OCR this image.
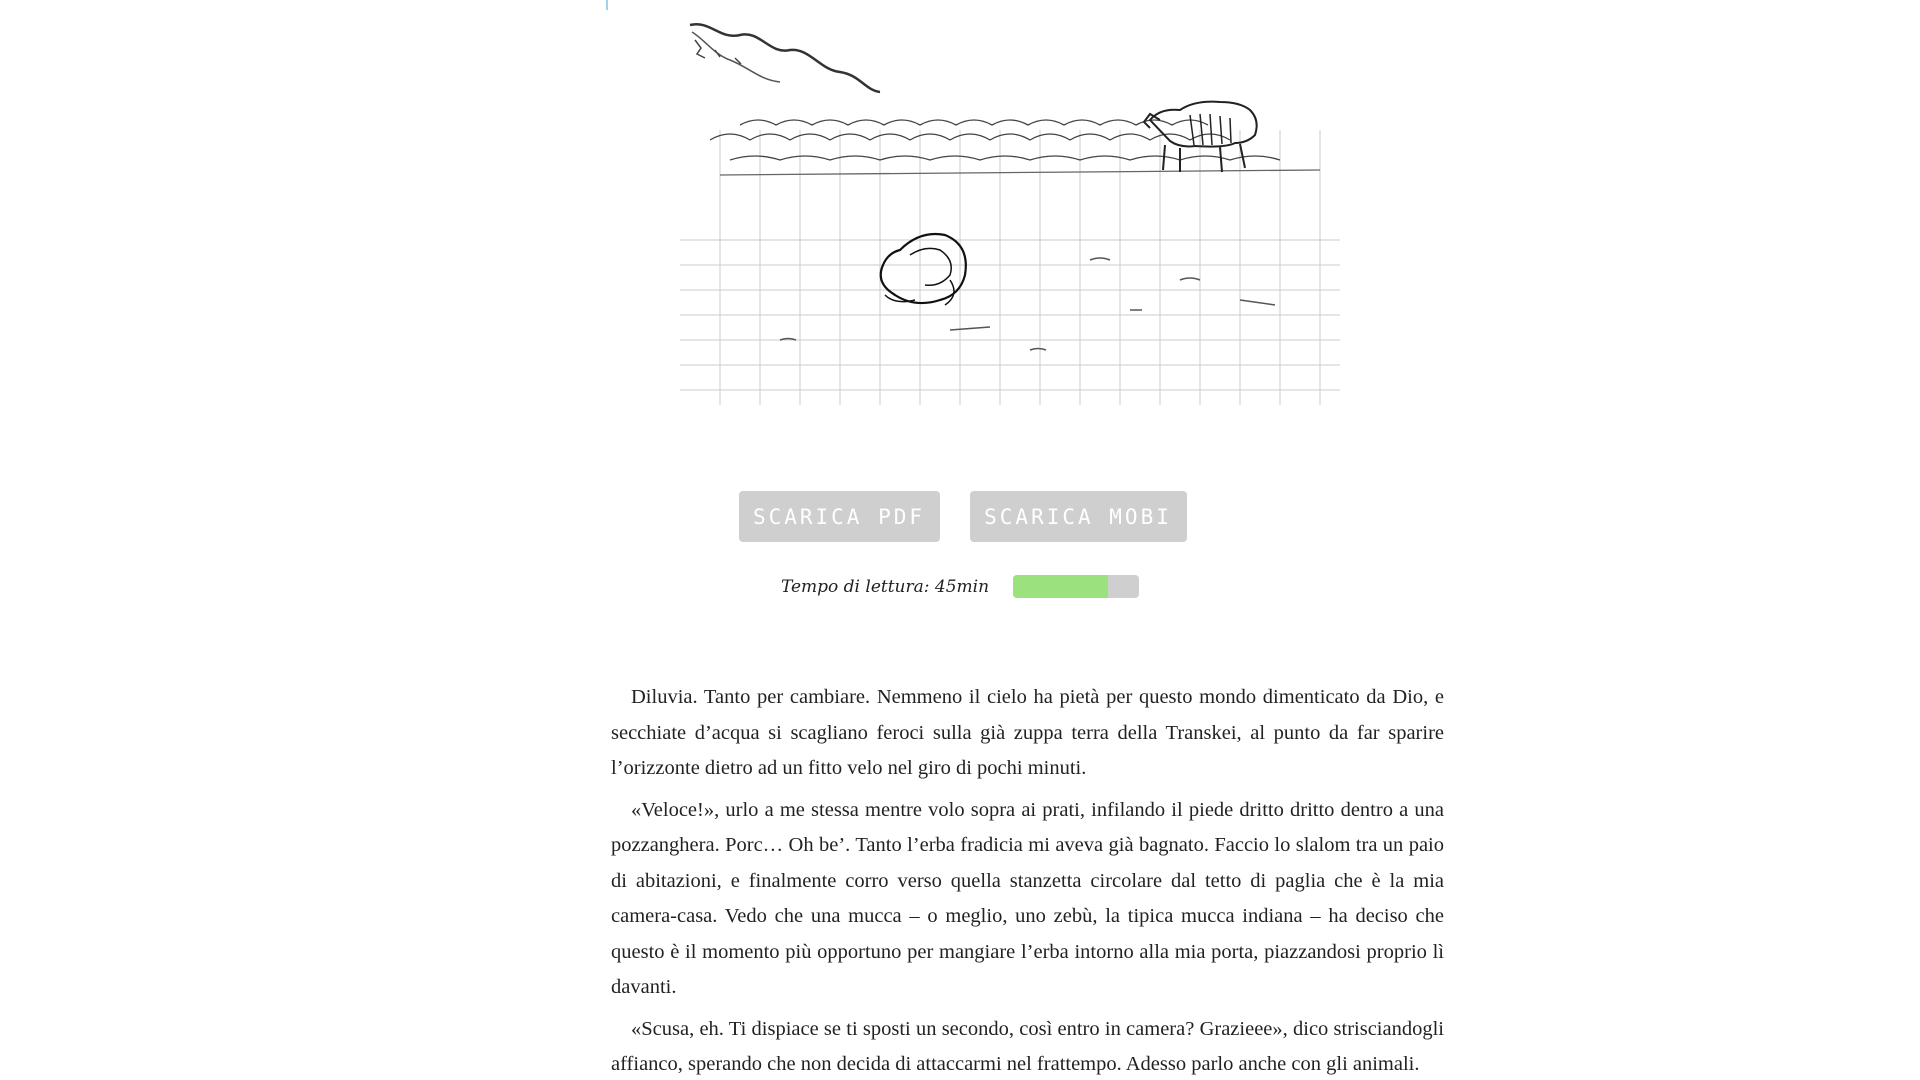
SCARICA PDF	SCARICA MOBI
Tempo di lettura: 45min

Diluvia. Tanto per cambiare. Nemmeno il cielo ha pietà per questo mondo dimenticato da Dio, e secchiate d’acqua si scagliano feroci sulla già zuppa terra della Transkei, al punto da far sparire l’orizzonte dietro ad un fitto velo nel giro di pochi minuti.

«Veloce!», urlo a me stessa mentre volo sopra ai prati, infilando il piede dritto dritto dentro a una pozzanghera. Porc… Oh be’. Tanto l’erba fradicia mi aveva già bagnato. Faccio lo slalom tra un paio di abitazioni, e finalmente corro verso quella stanzetta circolare dal tetto di paglia che è la mia camera-casa. Vedo che una mucca – o meglio, uno zebù, la tipica mucca indiana – ha deciso che questo è il momento più opportuno per mangiare l’erba intorno alla mia porta, piazzandosi proprio lì davanti.

«Scusa, eh. Ti dispiace se ti sposti un secondo, così entro in camera? Grazieee», dico strisciandogli affianco, sperando che non decida di attaccarmi nel frattempo. Adesso parlo anche con gli animali.
